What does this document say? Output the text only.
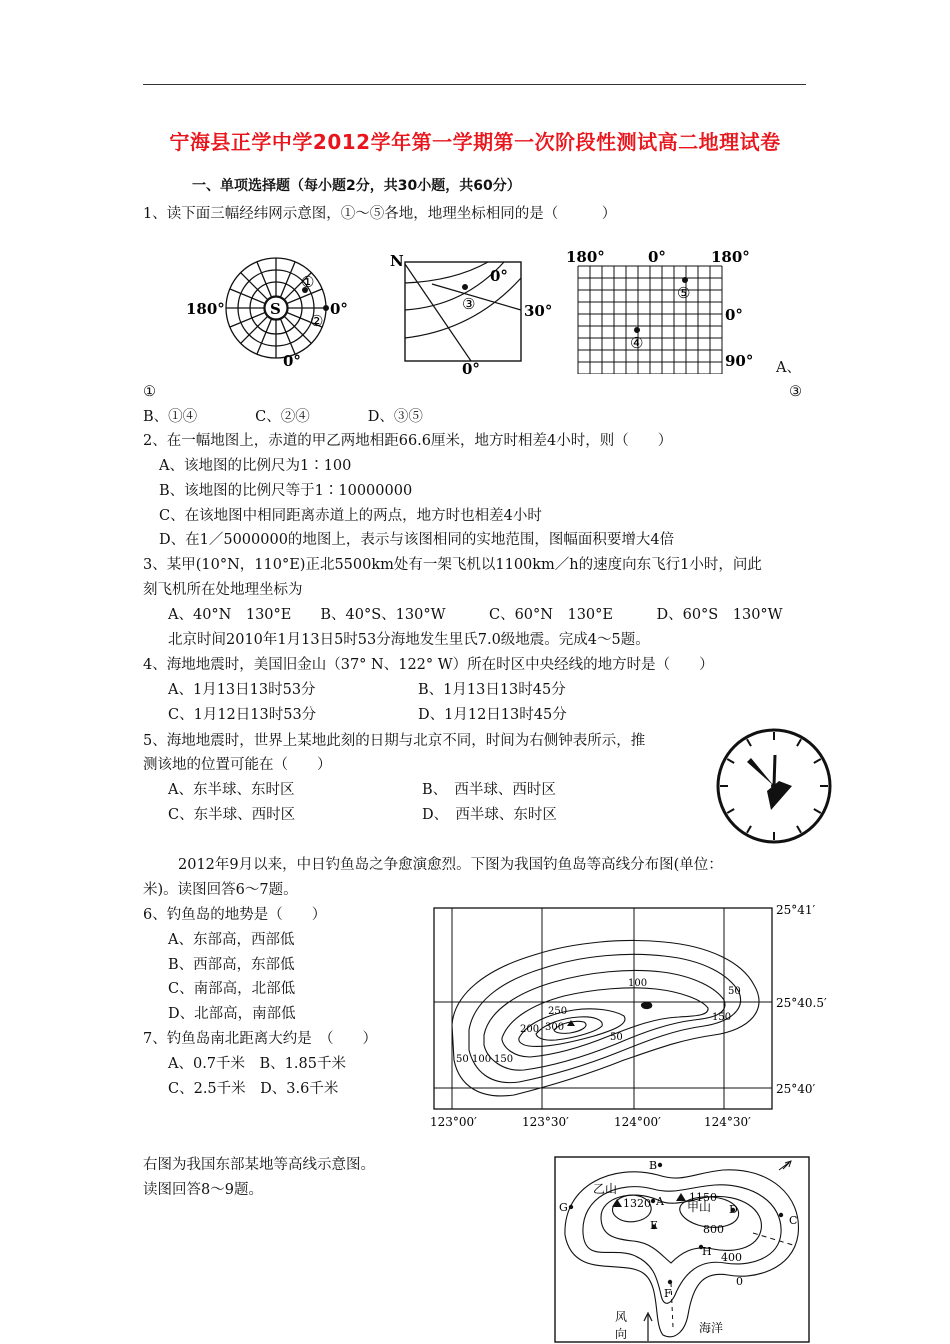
宁海县正学中学2012学年第一学期第一次阶段性测试高二地理试卷
一、单项选择题（每小题2分，共30小题，共60分）
1、读下面三幅经纬网示意图，①～⑤各地，地理坐标相同的是（　　　）
S
①
②
180°	0°
0°
N
0°
30°
0°
③
180°	0°	180°
0°
90°
⑤
④
A、
①	③
B、①④　　　　C、②④　　　　D、③⑤
2、在一幅地图上，赤道的甲乙两地相距66.6厘米，地方时相差4小时，则（　　）
A、该地图的比例尺为1∶100
B、该地图的比例尺等于1∶10000000
C、在该地图中相同距离赤道上的两点，地方时也相差4小时
D、在1／5000000的地图上，表示与该图相同的实地范围，图幅面积要增大4倍
3、某甲(10°N，110°E)正北5500km处有一架飞机以1100km／h的速度向东飞行1小时，问此
刻飞机所在处地理坐标为
A、40°N　130°E　　B、40°S、130°W　　　C、60°N　130°E　　　D、60°S　130°W
北京时间2010年1月13日5时53分海地发生里氏7.0级地震。完成4～5题。
4、海地地震时，美国旧金山（37° N、122° W）所在时区中央经线的地方时是（　　）
A、1月13日13时53分	B、1月13日13时45分
C、1月12日13时53分	D、1月12日13时45分
5、海地地震时，世界上某地此刻的日期与北京不同，时间为右侧钟表所示，推
测该地的位置可能在（　　）
A、东半球、东时区	B、　西半球、西时区
C、东半球、西时区	D、　西半球、东时区
2012年9月以来，中日钓鱼岛之争愈演愈烈。下图为我国钓鱼岛等高线分布图(单位：
米)。读图回答6～7题。
6、钓鱼岛的地势是（　　）
A、东部高，西部低
B、西部高，东部低
C、南部高，北部低
D、北部高，南部低
7、钓鱼岛南北距离大约是　（　　）
A、0.7千米　B、1.85千米
C、2.5千米　D、3.6千米
25°41′
25°40.5′
25°40′
123°00′	123°30′	124°00′	124°30′
100
50
250
200 300
50
150
50 100 150
右图为我国东部某地等高线示意图。
读图回答8～9题。	乙山
1320	甲山
1150
B
A
C
D
E
F
G
H
800
400
0
风
向	海洋
